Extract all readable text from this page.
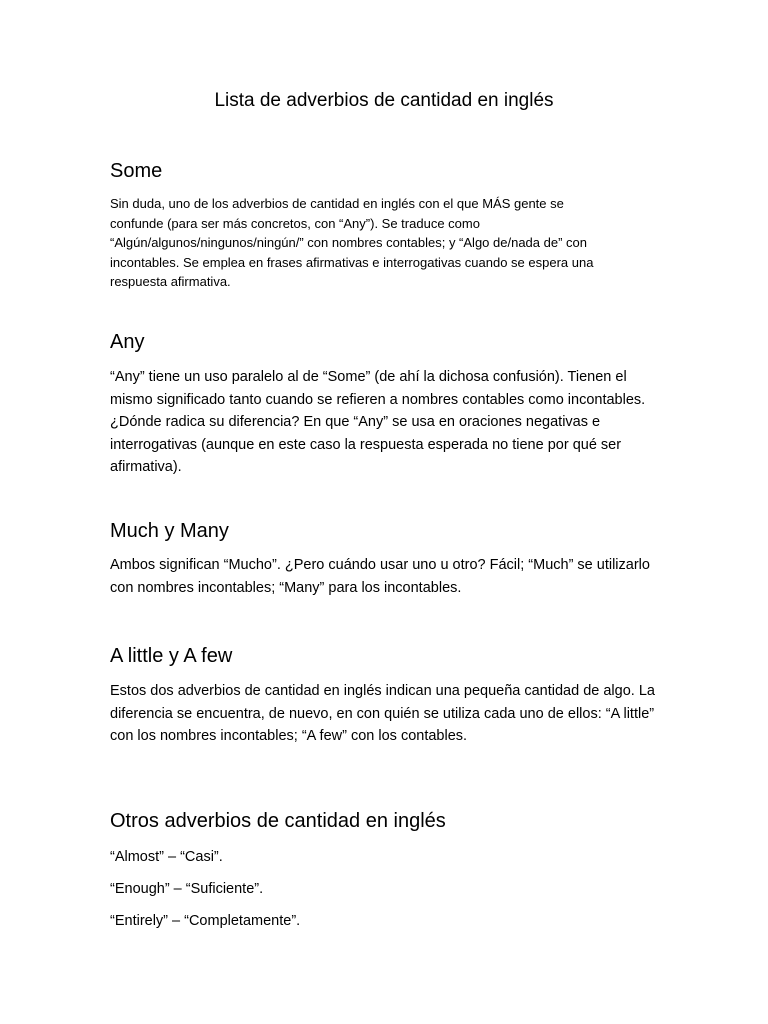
Lista de adverbios de cantidad en inglés
Some

Sin duda, uno de los adverbios de cantidad en inglés con el que MÁS gente se confunde (para ser más concretos, con “Any”). Se traduce como “Algún/algunos/ningunos/ningún/” con nombres contables; y “Algo de/nada de” con incontables. Se emplea en frases afirmativas e interrogativas cuando se espera una respuesta afirmativa.

Any

“Any” tiene un uso paralelo al de “Some” (de ahí la dichosa confusión). Tienen el mismo significado tanto cuando se refieren a nombres contables como incontables. ¿Dónde radica su diferencia? En que “Any” se usa en oraciones negativas e interrogativas (aunque en este caso la respuesta esperada no tiene por qué ser afirmativa).

Much y Many

Ambos significan “Mucho”. ¿Pero cuándo usar uno u otro? Fácil; “Much” se utilizarlo con nombres incontables; “Many” para los incontables.

A little y A few

Estos dos adverbios de cantidad en inglés indican una pequeña cantidad de algo. La diferencia se encuentra, de nuevo, en con quién se utiliza cada uno de ellos: “A little” con los nombres incontables; “A few” con los contables.

Otros adverbios de cantidad en inglés

“Almost” – “Casi”.

“Enough” – “Suficiente”.

“Entirely” – “Completamente”.
